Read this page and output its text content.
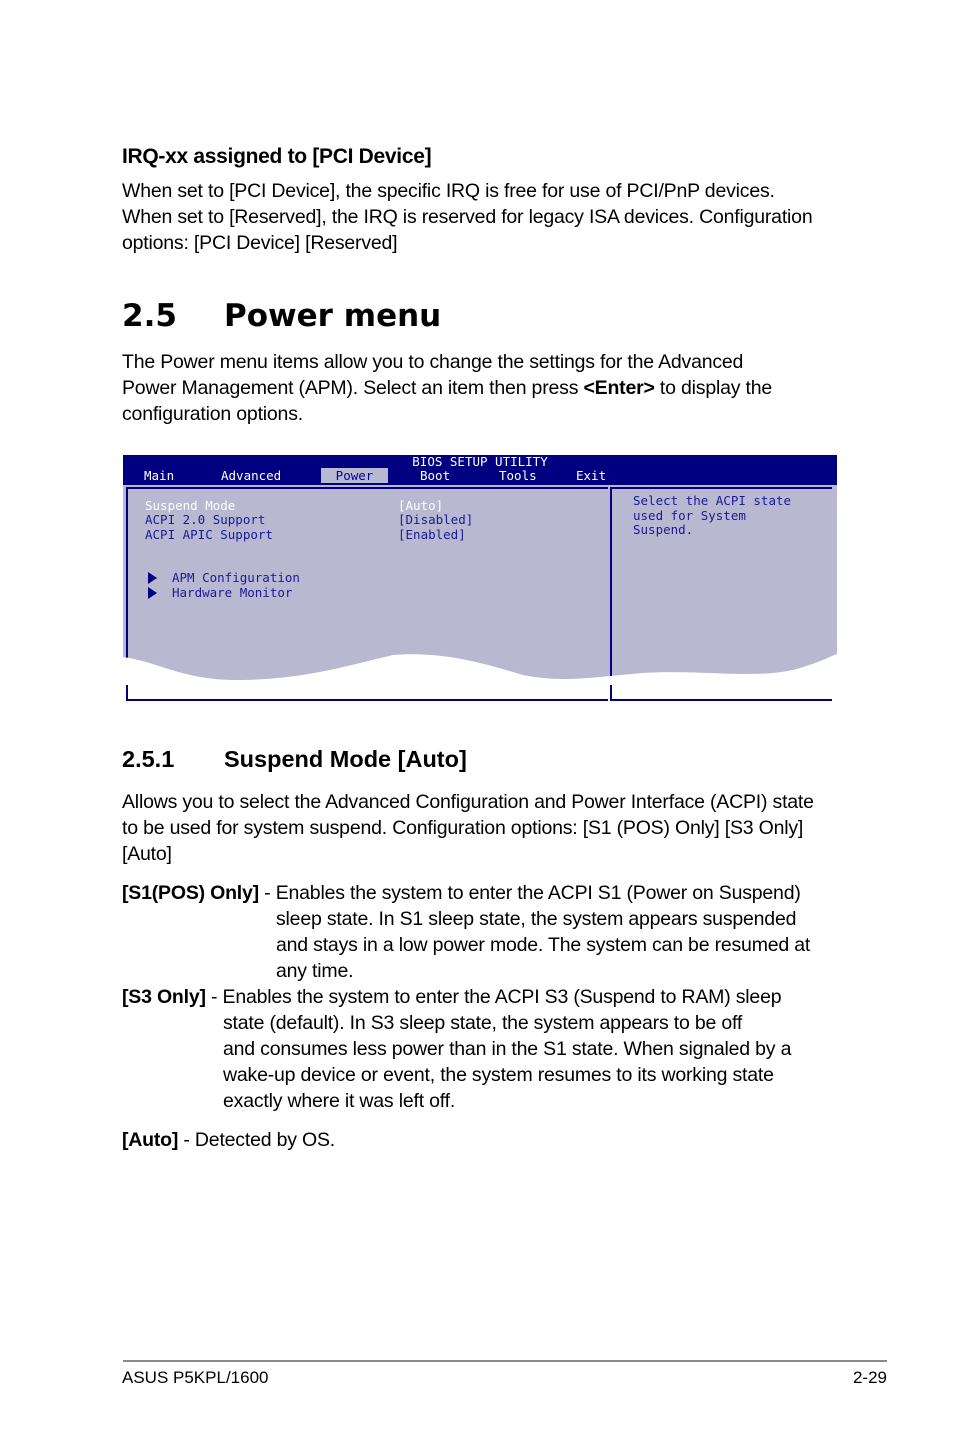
IRQ-xx assigned to [PCI Device]
When set to [PCI Device], the specific IRQ is free for use of PCI/PnP devices.
When set to [Reserved], the IRQ is reserved for legacy ISA devices. Configuration
options: [PCI Device] [Reserved]
2.5 Power menu
The Power menu items allow you to change the settings for the Advanced
Power Management (APM). Select an item then press <Enter> to display the
configuration options.
BIOS SETUP UTILITY
Main	Advanced	Power	Boot	Tools	Exit
Suspend Mode	[Auto]
ACPI 2.0 Support	[Disabled]
ACPI APIC Support	[Enabled]
APM Configuration
Hardware Monitor
Select the ACPI state
used for System
Suspend.
2.5.1 Suspend Mode [Auto]
Allows you to select the Advanced Configuration and Power Interface (ACPI) state
to be used for system suspend. Configuration options: [S1 (POS) Only] [S3 Only]
[Auto]
[S1(POS) Only] - Enables the system to enter the ACPI S1 (Power on Suspend)
sleep state. In S1 sleep state, the system appears suspended
and stays in a low power mode. The system can be resumed at
any time.
[S3 Only] - Enables the system to enter the ACPI S3 (Suspend to RAM) sleep
state (default). In S3 sleep state, the system appears to be off
and consumes less power than in the S1 state. When signaled by a
wake-up device or event, the system resumes to its working state
exactly where it was left off.
[Auto] - Detected by OS.
ASUS P5KPL/1600	2-29
